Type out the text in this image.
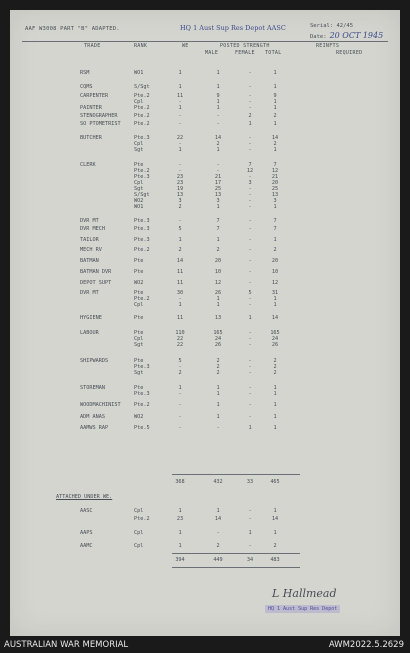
AAF W3008 PART "B" ADAPTED.	HQ 1 Aust Sup Res Depot AASC	Serial: 42/45
Date: 20 OCT 1945
TRADE	RANK	WE	POSTED STRENGTH
MALE	FEMALE TOTAL
REINFTS
REQUIRED
RSM	WO1	1	1	-	1
CQMS	S/Sgt	1	1	-	1
CARPENTER	Pte.2	11	9	-	9
Cpl	-	1	-	1
PAINTER	Pte.2	1	1	-	1
STENOGRAPHER	Pte.2	-	-	2	2
SO PTOMETRIST	Pte.2	-	-	1	1
BUTCHER	Pte.3	22	14	-	14
Cpl	-	2	-	2
Sgt	1	1	-	1
CLERK	Pte	-	-	7	7
Pte.2	-	-	12	12
Pte.3	23	21	-	21
Cpl	23	17	3	20
Sgt	19	25	-	25
S/Sgt	13	13	-	13
WO2	3	3	-	3
WO1	2	1	-	1
DVR MT	Pte.3	-	7	-	7
DVR MECH	Pte.3	5	7	-	7
TAILOR	Pte.3	1	1	-	1
MECH RV	Pte.2	2	2	-	2
BATMAN	Pte	14	20	-	20
BATMAN DVR	Pte	11	10	-	10
DEPOT SUPT	WO2	11	12	-	12
DVR MT	Pte	30	26	5	31
Pte.2	-	1	-	1
Cpl	1	1	-	1
HYGIENE	Pte	11	13	1	14
LABOUR	Pte	110	165	-	165
Cpl	22	24	-	24
Sgt	22	26	-	26
SHIPWARDS	Pte	5	2	-	2
Pte.3	-	2	-	2
Sgt	2	2	-	2
STOREMAN	Pte	1	1	-	1
Pte.3	-	1	-	1
WOODMACHINIST	Pte.2	-	1	-	1
ADM ANAS	WO2	-	1	-	1
AAMWS RAP	Pte.5	-	-	1	1
368	432	33	465
ATTACHED UNDER WE.
AASC	Cpl	1	1	-	1
Pte.2	23	14	-	14
AAPS	Cpl	1	-	1	1
AAMC	Cpl	1	2	-	2
394	449	34	483
L Hallmead
HQ 1 Aust Sup Res Depot
AUSTRALIAN WAR MEMORIAL	AWM2022.5.2629
